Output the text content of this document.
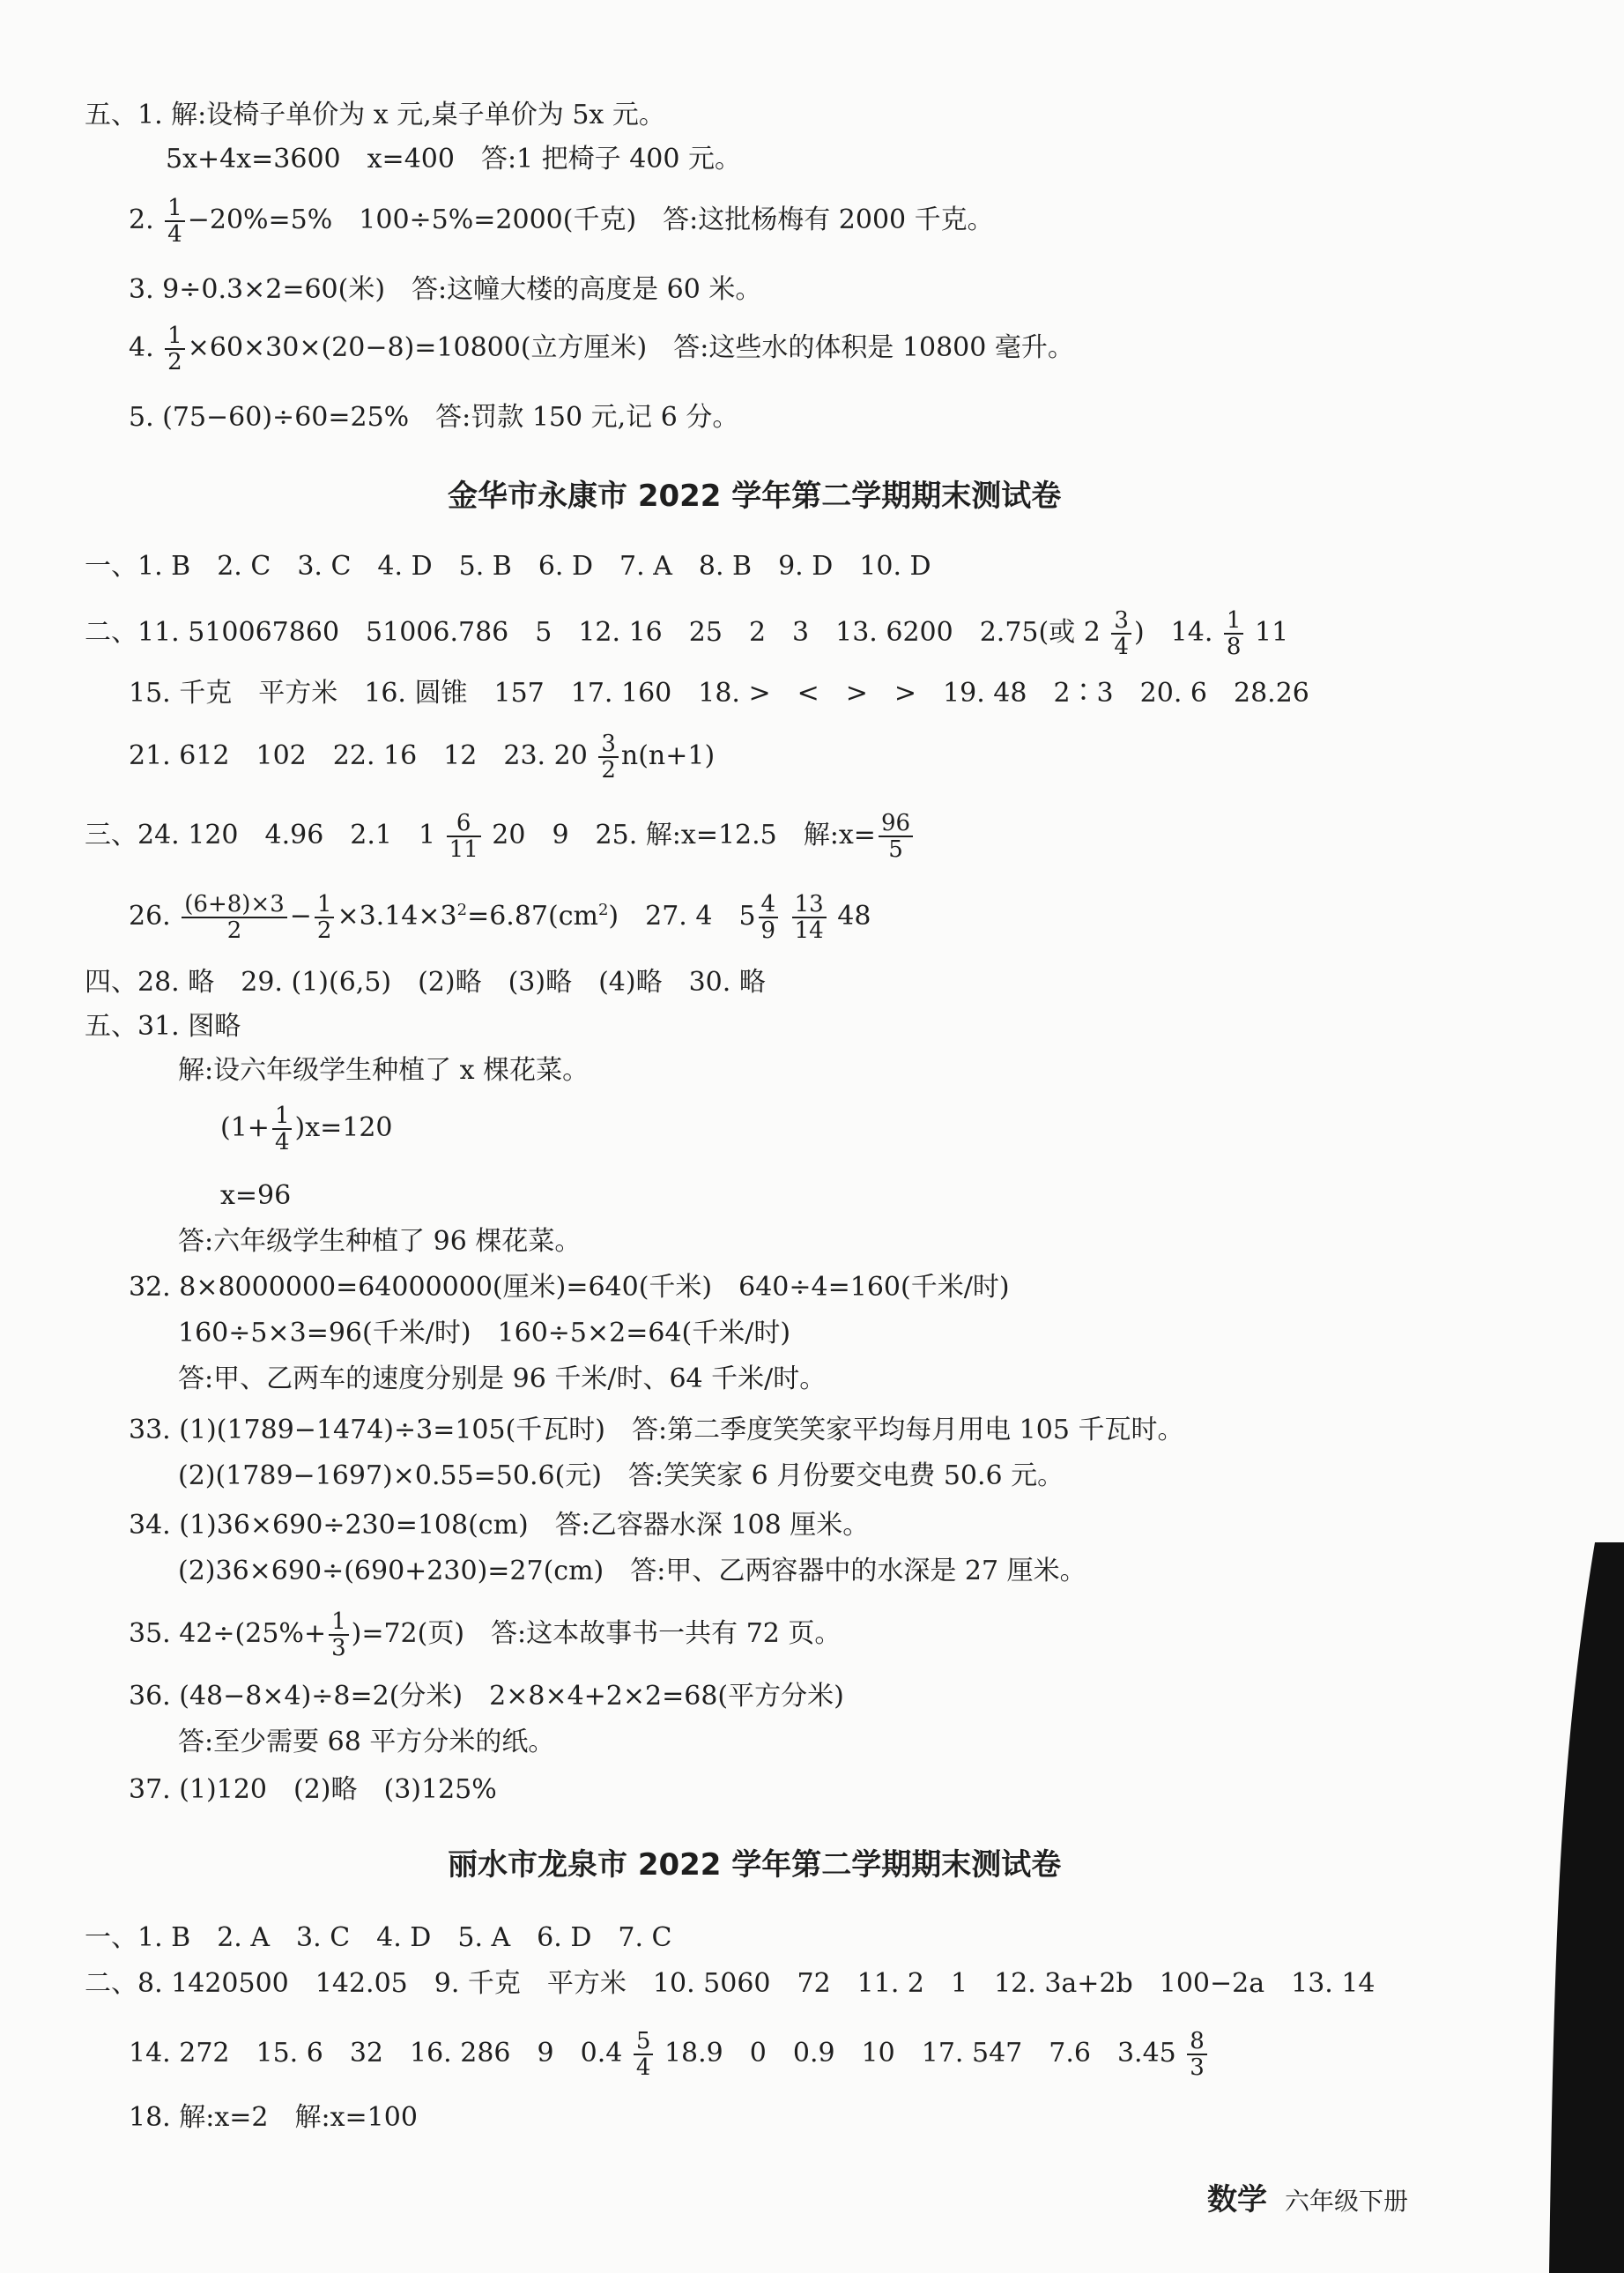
五、1. 解:设椅子单价为 x 元,桌子单价为 5x 元。
5x+4x=3600　x=400　答:1 把椅子 400 元。
2. $\frac{1}{4} -20\%=5\%$　100÷5%=2000(千克)　答:这批杨梅有 2000 千克。
3. 9÷0.3×2=60(米)　答:这幢大楼的高度是 60 米。
4. $\frac{1}{2} \times 60\times 30\times(20-8)=10800$(立方厘米)　答:这些水的体积是 10800 毫升。
5. (75−60)÷60=25%　答:罚款 150 元,记 6 分。
金华市永康市 2022 学年第二学期期末测试卷
一、1. B　2. C　3. C　4. D　5. B　6. D　7. A　8. B　9. D　10. D
二、11. 510067860　51006.786　5　12. 16　25　2　3　13. 6200　2.75(或 $2 \frac{3}{4}$ )　14. $\frac{1}{8} 11$
15. 千克　平方米　16. 圆锥　157　17. 160　18. >　<　>　>　19. 48　2∶3　20. 6　28.26
21. 612　102　22. 16　12　23. $20 \frac{3}{2} n(n+1)$
三、24. 120　4.96　2.1　$1 \frac{6}{11} 20$　9　25. 解:x=12.5　解:x= $\frac{96}{5}$
26. $\frac{(6+8)\times 3}{2} - \frac{1}{2} \times 3.14\times 3^2=6.87(cm^2)$　27. 4　$5 \frac{4}{9}$
$\frac{13}{14} 48$
四、28. 略　29. (1)(6,5)　(2)略　(3)略　(4)略　30. 略
五、31. 图略
解:设六年级学生种植了 x 棵花菜。
$(1+ \frac{1}{4} )x=120$
x=96
答:六年级学生种植了 96 棵花菜。
32. 8×8000000=64000000(厘米)=640(千米)　640÷4=160(千米/时)
160÷5×3=96(千米/时)　160÷5×2=64(千米/时)
答:甲、乙两车的速度分别是 96 千米/时、64 千米/时。
33. (1)(1789−1474)÷3=105(千瓦时)　答:第二季度笑笑家平均每月用电 105 千瓦时。
(2)(1789−1697)×0.55=50.6(元)　答:笑笑家 6 月份要交电费 50.6 元。
34. (1)36×690÷230=108(cm)　答:乙容器水深 108 厘米。
(2)36×690÷(690+230)=27(cm)　答:甲、乙两容器中的水深是 27 厘米。
35. $42\div(25\%+ \frac{1}{3} )=72$(页)　答:这本故事书一共有 72 页。
36. (48−8×4)÷8=2(分米)　2×8×4+2×2=68(平方分米)
答:至少需要 68 平方分米的纸。
37. (1)120　(2)略　(3)125%
丽水市龙泉市 2022 学年第二学期期末测试卷
一、1. B　2. A　3. C　4. D　5. A　6. D　7. C
二、8. 1420500　142.05　9. 千克　平方米　10. 5060　72　11. 2　1　12. 3a+2b　100−2a　13. 14
14. 272　15. 6　32　16. 286　9　$0.4 \frac{5}{4} 18.9$　0　0.9　10　17. 547　7.6　$3.45 \frac{8}{3}$
18. 解:x=2　解:x=100
数学 六年级下册
